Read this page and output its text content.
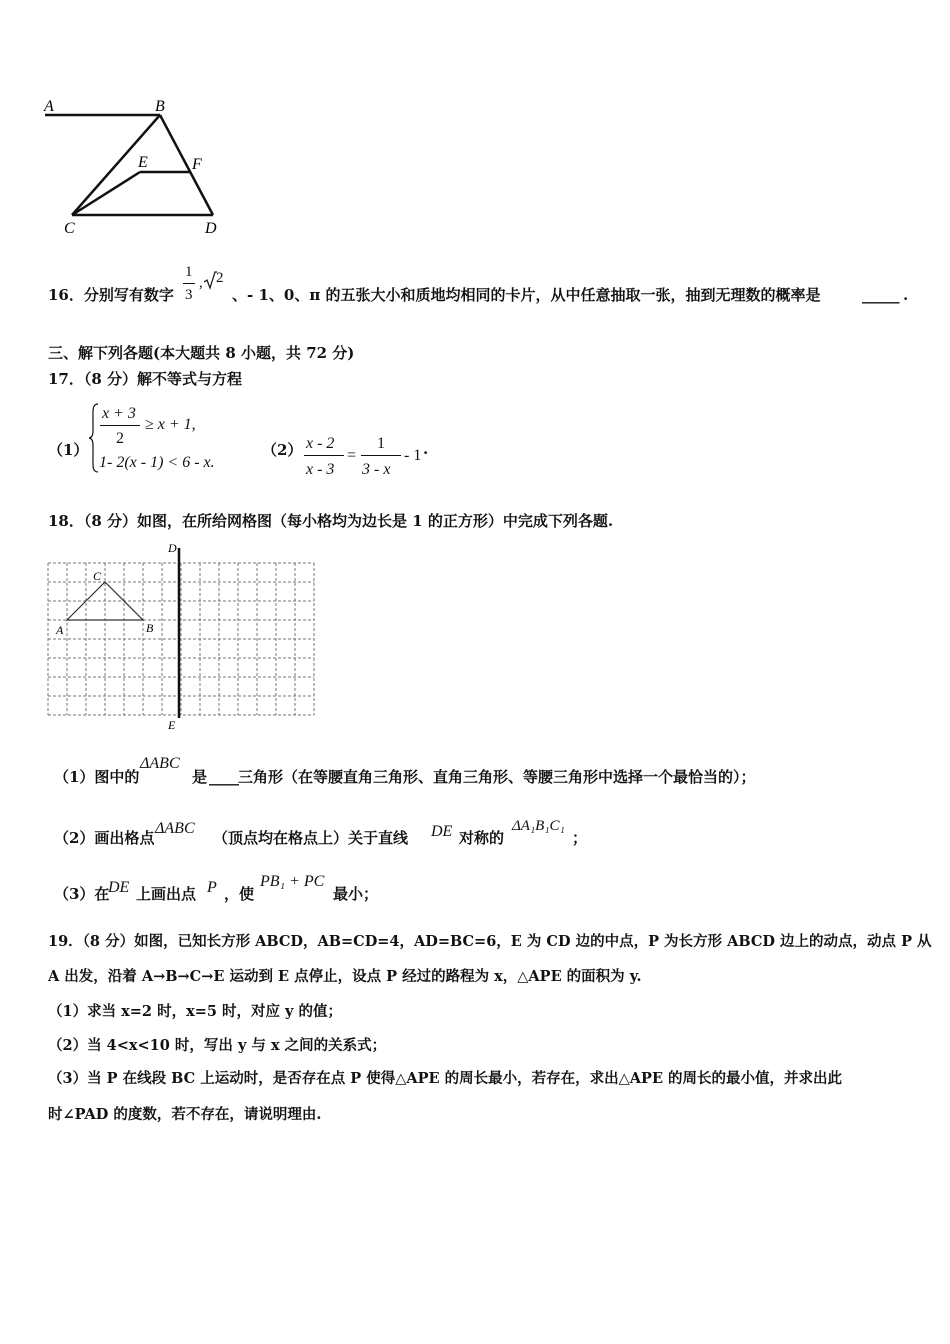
A	B
E	F
C	D
16．分别写有数字
1
3
, 2
、- 1、0、π 的五张大小和质地均相同的卡片，从中任意抽取一张，抽到无理数的概率是	_____ .
三、解下列各题(本大题共 8 小题，共 72 分)
17．（8 分）解不等式与方程
（1）
x + 3
2
≥ x + 1,
1- 2(x - 1) < 6 - x.
（2） x - 2
x - 3
=
1
3 - x
- 1 ·
18．（8 分）如图，在所给网格图（每小格均为边长是 1 的正方形）中完成下列各题.
D
C
A	B
E
（1）图中的
ΔABC
是 ____ 三角形（在等腰直角三角形、直角三角形、等腰三角形中选择一个最恰当的）；
（2）画出格点
ΔABC
（顶点均在格点上）关于直线 DE 对称的
ΔA₁B₁C₁
；
（3）在
DE 上画出点 P ，使
PB₁ + PC
最小；
19．（8 分）如图，已知长方形 ABCD，AB=CD=4，AD=BC=6，E 为 CD 边的中点，P 为长方形 ABCD 边上的动点，动点 P 从
A 出发，沿着 A→B→C→E 运动到 E 点停止，设点 P 经过的路程为 x，△APE 的面积为 y.
（1）求当 x=2 时，x=5 时，对应 y 的值；
（2）当 4<x<10 时，写出 y 与 x 之间的关系式；
（3）当 P 在线段 BC 上运动时，是否存在点 P 使得△APE 的周长最小，若存在，求出△APE 的周长的最小值，并求出此
时∠PAD 的度数，若不存在，请说明理由.
